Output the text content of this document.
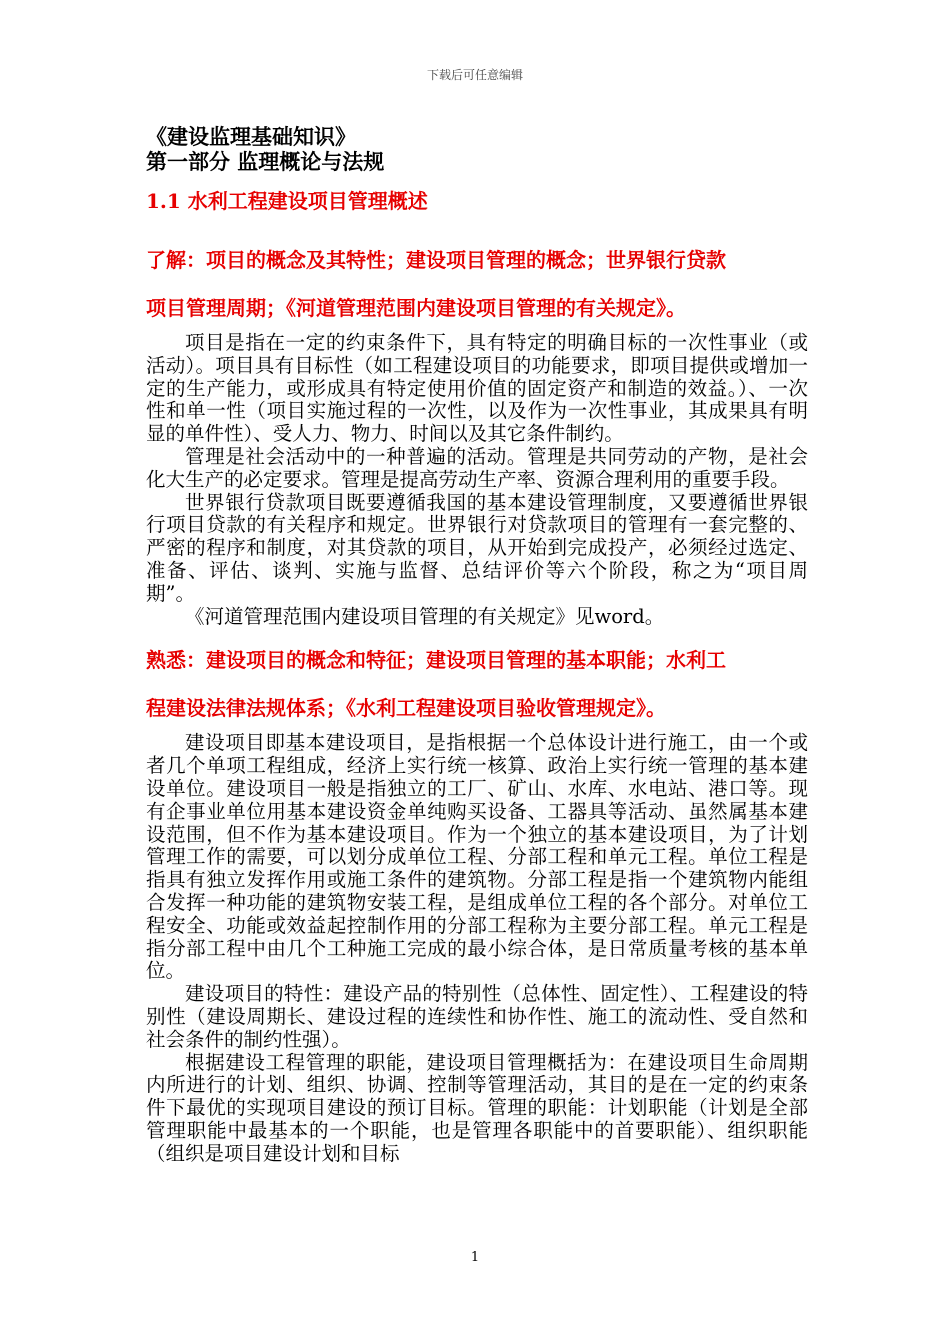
下载后可任意编辑

《建设监理基础知识》

第一部分 监理概论与法规

1.1 水利工程建设项目管理概述

了解：项目的概念及其特性；建设项目管理的概念；世界银行贷款

项目管理周期；《河道管理范围内建设项目管理的有关规定》。

项目是指在一定的约束条件下，具有特定的明确目标的一次性事业（或活动）。项目具有目标性（如工程建设项目的功能要求，即项目提供或增加一定的生产能力，或形成具有特定使用价值的固定资产和制造的效益。）、一次性和单一性（项目实施过程的一次性，以及作为一次性事业，其成果具有明显的单件性）、受人力、物力、时间以及其它条件制约。

管理是社会活动中的一种普遍的活动。管理是共同劳动的产物，是社会化大生产的必定要求。管理是提高劳动生产率、资源合理利用的重要手段。

世界银行贷款项目既要遵循我国的基本建设管理制度，又要遵循世界银行项目贷款的有关程序和规定。世界银行对贷款项目的管理有一套完整的、严密的程序和制度，对其贷款的项目，从开始到完成投产，必须经过选定、准备、评估、谈判、实施与监督、总结评价等六个阶段，称之为“项目周期”。

《河道管理范围内建设项目管理的有关规定》见word。

熟悉：建设项目的概念和特征；建设项目管理的基本职能；水利工

程建设法律法规体系；《水利工程建设项目验收管理规定》。

建设项目即基本建设项目，是指根据一个总体设计进行施工，由一个或者几个单项工程组成，经济上实行统一核算、政治上实行统一管理的基本建设单位。建设项目一般是指独立的工厂、矿山、水库、水电站、港口等。现有企事业单位用基本建设资金单纯购买设备、工器具等活动、虽然属基本建设范围，但不作为基本建设项目。作为一个独立的基本建设项目，为了计划管理工作的需要，可以划分成单位工程、分部工程和单元工程。单位工程是指具有独立发挥作用或施工条件的建筑物。分部工程是指一个建筑物内能组合发挥一种功能的建筑物安装工程，是组成单位工程的各个部分。对单位工程安全、功能或效益起控制作用的分部工程称为主要分部工程。单元工程是指分部工程中由几个工种施工完成的最小综合体，是日常质量考核的基本单位。

建设项目的特性：建设产品的特别性（总体性、固定性）、工程建设的特别性（建设周期长、建设过程的连续性和协作性、施工的流动性、受自然和社会条件的制约性强）。

根据建设工程管理的职能，建设项目管理概括为：在建设项目生命周期内所进行的计划、组织、协调、控制等管理活动，其目的是在一定的约束条件下最优的实现项目建设的预订目标。管理的职能：计划职能（计划是全部管理职能中最基本的一个职能，也是管理各职能中的首要职能）、组织职能（组织是项目建设计划和目标

1
